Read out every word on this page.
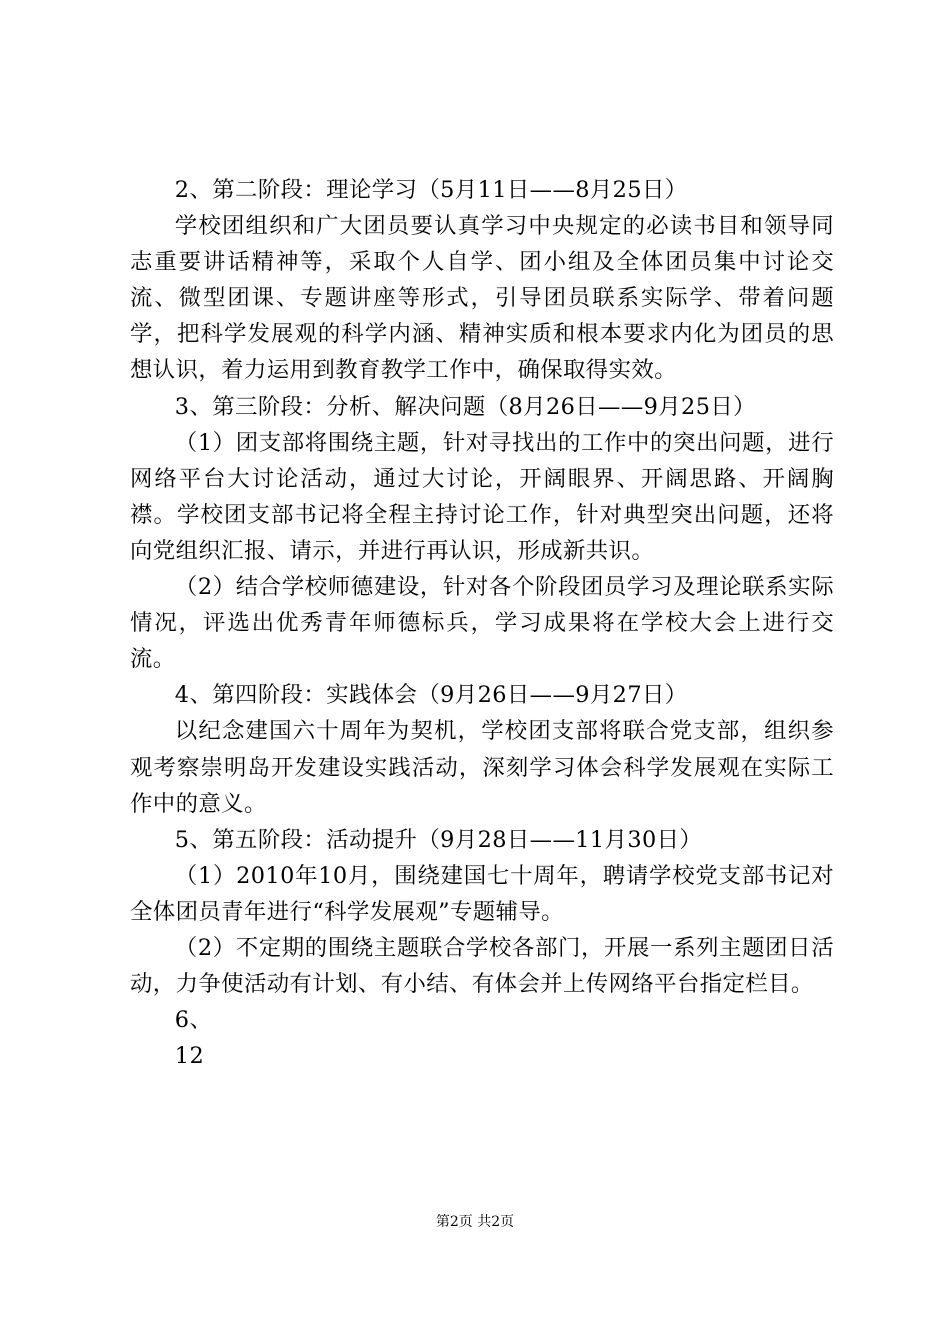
2、第二阶段：理论学习（5月11日——8月25日）

学校团组织和广大团员要认真学习中央规定的必读书目和领导同志重要讲话精神等，采取个人自学、团小组及全体团员集中讨论交流、微型团课、专题讲座等形式，引导团员联系实际学、带着问题学，把科学发展观的科学内涵、精神实质和根本要求内化为团员的思想认识，着力运用到教育教学工作中，确保取得实效。

3、第三阶段：分析、解决问题（8月26日——9月25日）

（1）团支部将围绕主题，针对寻找出的工作中的突出问题，进行网络平台大讨论活动，通过大讨论，开阔眼界、开阔思路、开阔胸襟。学校团支部书记将全程主持讨论工作，针对典型突出问题，还将向党组织汇报、请示，并进行再认识，形成新共识。

（2）结合学校师德建设，针对各个阶段团员学习及理论联系实际情况，评选出优秀青年师德标兵，学习成果将在学校大会上进行交流。

4、第四阶段：实践体会（9月26日——9月27日）

以纪念建国六十周年为契机，学校团支部将联合党支部，组织参观考察崇明岛开发建设实践活动，深刻学习体会科学发展观在实际工作中的意义。

5、第五阶段：活动提升（9月28日——11月30日）

（1）2010年10月，围绕建国七十周年，聘请学校党支部书记对全体团员青年进行“科学发展观”专题辅导。

（2）不定期的围绕主题联合学校各部门，开展一系列主题团日活动，力争使活动有计划、有小结、有体会并上传网络平台指定栏目。

6、

12

第2页 共2页
